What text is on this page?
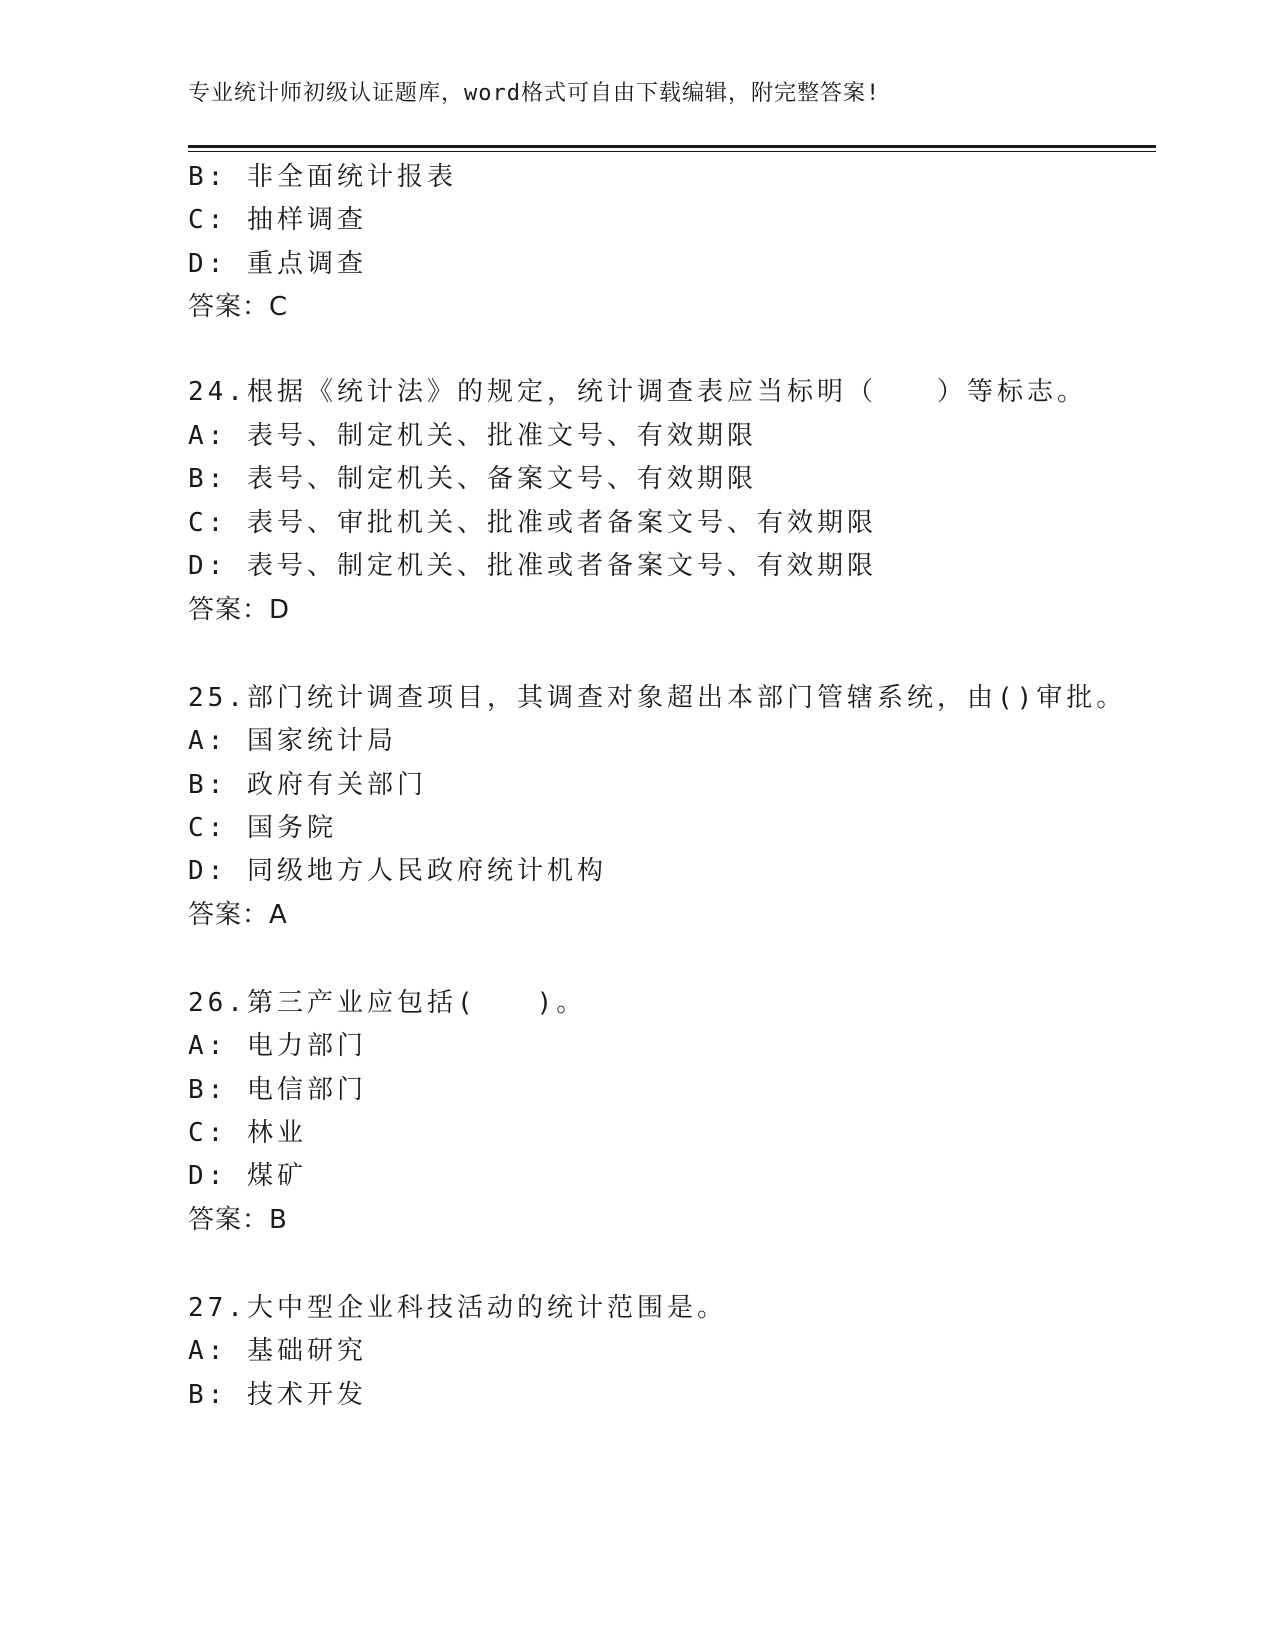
专业统计师初级认证题库，word格式可自由下载编辑，附完整答案!
B: 非全面统计报表
C: 抽样调查
D: 重点调查
答案：C
24.根据《统计法》的规定，统计调查表应当标明（　　）等标志。
A: 表号、制定机关、批准文号、有效期限
B: 表号、制定机关、备案文号、有效期限
C: 表号、审批机关、批准或者备案文号、有效期限
D: 表号、制定机关、批准或者备案文号、有效期限
答案：D
25.部门统计调查项目，其调查对象超出本部门管辖系统，由()审批。
A: 国家统计局
B: 政府有关部门
C: 国务院
D: 同级地方人民政府统计机构
答案：A
26.第三产业应包括(　　)。
A: 电力部门
B: 电信部门
C: 林业
D: 煤矿
答案：B
27.大中型企业科技活动的统计范围是。
A: 基础研究
B: 技术开发
